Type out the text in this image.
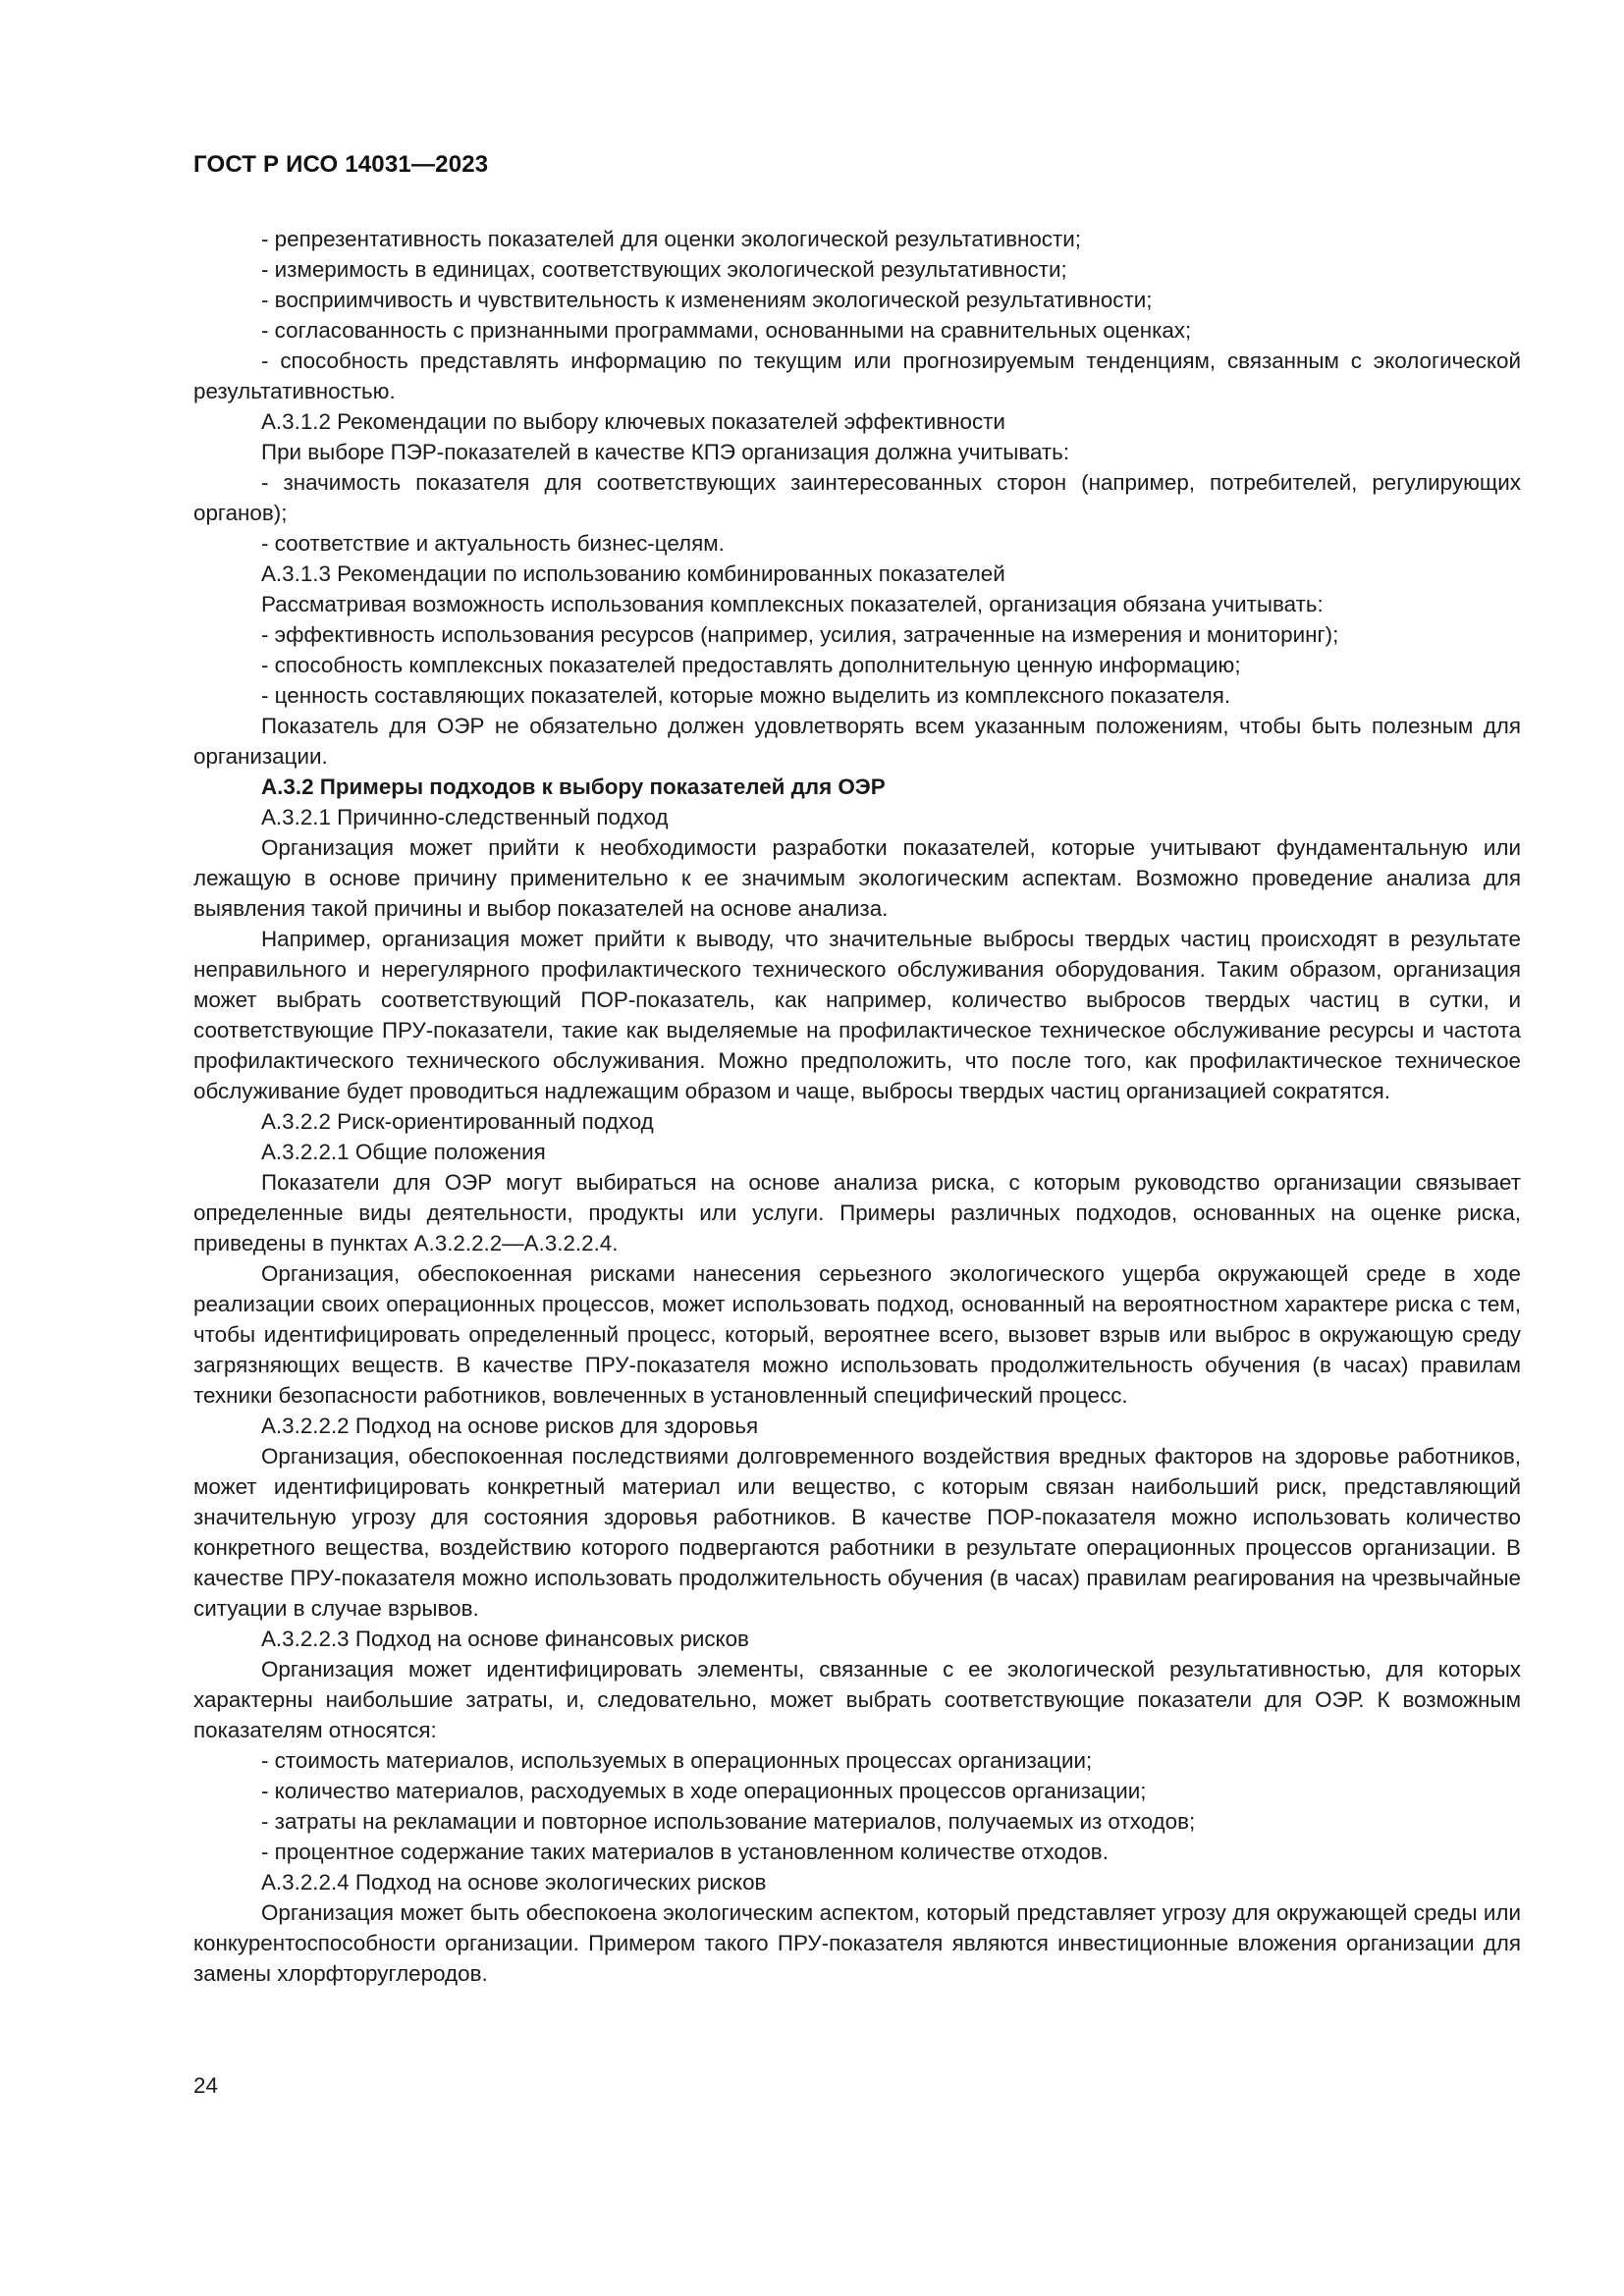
ГОСТ Р ИСО 14031—2023

- репрезентативность показателей для оценки экологической результативности;

- измеримость в единицах, соответствующих экологической результативности;

- восприимчивость и чувствительность к изменениям экологической результативности;

- согласованность с признанными программами, основанными на сравнительных оценках;

- способность представлять информацию по текущим или прогнозируемым тенденциям, связанным с экологической результативностью.

А.3.1.2 Рекомендации по выбору ключевых показателей эффективности

При выборе ПЭР-показателей в качестве КПЭ организация должна учитывать:

- значимость показателя для соответствующих заинтересованных сторон (например, потребителей, регулирующих органов);

- соответствие и актуальность бизнес-целям.

А.3.1.3 Рекомендации по использованию комбинированных показателей

Рассматривая возможность использования комплексных показателей, организация обязана учитывать:

- эффективность использования ресурсов (например, усилия, затраченные на измерения и мониторинг);

- способность комплексных показателей предоставлять дополнительную ценную информацию;

- ценность составляющих показателей, которые можно выделить из комплексного показателя.

Показатель для ОЭР не обязательно должен удовлетворять всем указанным положениям, чтобы быть полезным для организации.

А.3.2 Примеры подходов к выбору показателей для ОЭР

А.3.2.1 Причинно-следственный подход

Организация может прийти к необходимости разработки показателей, которые учитывают фундаментальную или лежащую в основе причину применительно к ее значимым экологическим аспектам. Возможно проведение анализа для выявления такой причины и выбор показателей на основе анализа.

Например, организация может прийти к выводу, что значительные выбросы твердых частиц происходят в результате неправильного и нерегулярного профилактического технического обслуживания оборудования. Таким образом, организация может выбрать соответствующий ПОР-показатель, как например, количество выбросов твердых частиц в сутки, и соответствующие ПРУ-показатели, такие как выделяемые на профилактическое техническое обслуживание ресурсы и частота профилактического технического обслуживания. Можно предположить, что после того, как профилактическое техническое обслуживание будет проводиться надлежащим образом и чаще, выбросы твердых частиц организацией сократятся.

А.3.2.2 Риск-ориентированный подход

А.3.2.2.1 Общие положения

Показатели для ОЭР могут выбираться на основе анализа риска, с которым руководство организации связывает определенные виды деятельности, продукты или услуги. Примеры различных подходов, основанных на оценке риска, приведены в пунктах А.3.2.2.2—А.3.2.2.4.

Организация, обеспокоенная рисками нанесения серьезного экологического ущерба окружающей среде в ходе реализации своих операционных процессов, может использовать подход, основанный на вероятностном характере риска с тем, чтобы идентифицировать определенный процесс, который, вероятнее всего, вызовет взрыв или выброс в окружающую среду загрязняющих веществ. В качестве ПРУ-показателя можно использовать продолжительность обучения (в часах) правилам техники безопасности работников, вовлеченных в установленный специфический процесс.

А.3.2.2.2 Подход на основе рисков для здоровья

Организация, обеспокоенная последствиями долговременного воздействия вредных факторов на здоровье работников, может идентифицировать конкретный материал или вещество, с которым связан наибольший риск, представляющий значительную угрозу для состояния здоровья работников. В качестве ПОР-показателя можно использовать количество конкретного вещества, воздействию которого подвергаются работники в результате операционных процессов организации. В качестве ПРУ-показателя можно использовать продолжительность обучения (в часах) правилам реагирования на чрезвычайные ситуации в случае взрывов.

А.3.2.2.3 Подход на основе финансовых рисков

Организация может идентифицировать элементы, связанные с ее экологической результативностью, для которых характерны наибольшие затраты, и, следовательно, может выбрать соответствующие показатели для ОЭР. К возможным показателям относятся:

- стоимость материалов, используемых в операционных процессах организации;

- количество материалов, расходуемых в ходе операционных процессов организации;

- затраты на рекламации и повторное использование материалов, получаемых из отходов;

- процентное содержание таких материалов в установленном количестве отходов.

А.3.2.2.4 Подход на основе экологических рисков

Организация может быть обеспокоена экологическим аспектом, который представляет угрозу для окружающей среды или конкурентоспособности организации. Примером такого ПРУ-показателя являются инвестиционные вложения организации для замены хлорфторуглеродов.

24
